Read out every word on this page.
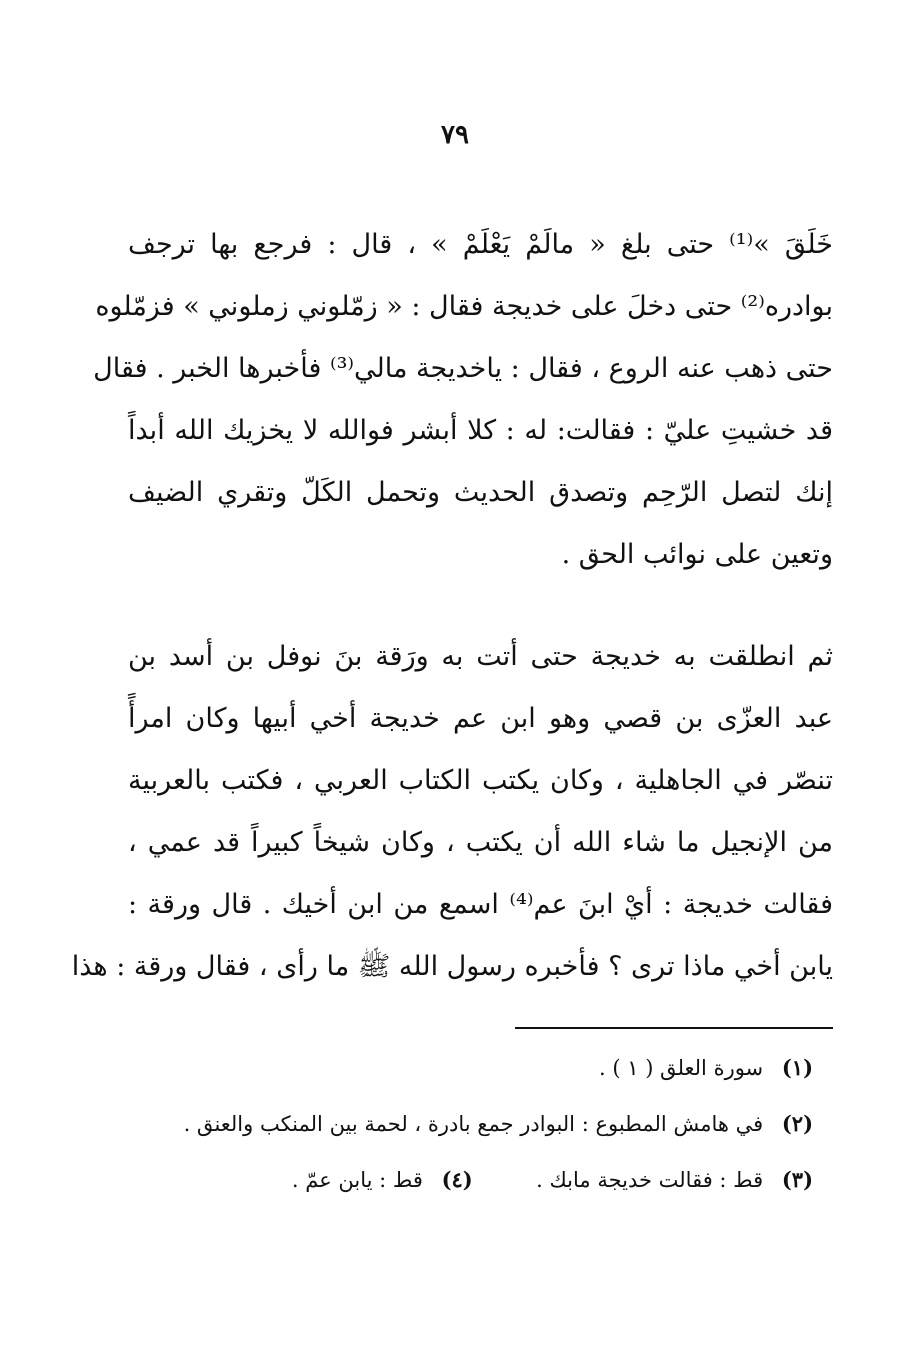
٧٩
خَلَقَ »⁽¹⁾ حتى بلغ « مالَمْ يَعْلَمْ » ، قال : فرجع بها ترجف
بوادره⁽²⁾ حتى دخلَ على خديجة فقال : « زمّلوني زملوني » فزمّلوه
حتى ذهب عنه الروع ، فقال : ياخديجة مالي⁽³⁾ فأخبرها الخبر . فقال
قد خشيتِ عليّ : فقالت: له : كلا أبشر فوالله لا يخزيك الله أبداً
إنك لتصل الرّحِم وتصدق الحديث وتحمل الكَلّ وتقري الضيف
وتعين على نوائب الحق .
ثم انطلقت به خديجة حتى أتت به ورَقة بنَ نوفل بن أسد بن
عبد العزّى بن قصي وهو ابن عم خديجة أخي أبيها وكان امرأً
تنصّر في الجاهلية ، وكان يكتب الكتاب العربي ، فكتب بالعربية
من الإنجيل ما شاء الله أن يكتب ، وكان شيخاً كبيراً قد عمي ،
فقالت خديجة : أيْ ابنَ عم⁽⁴⁾ اسمع من ابن أخيك . قال ورقة :
يابن أخي ماذا ترى ؟ فأخبره رسول الله ﷺ ما رأى ، فقال ورقة : هذا
(١) سورة العلق ( ١ ) .
(٢) في هامش المطبوع : البوادر جمع بادرة ، لحمة بين المنكب والعنق .
(٣) قط : فقالت خديجة مابك .  (٤) قط : يابن عمّ .
